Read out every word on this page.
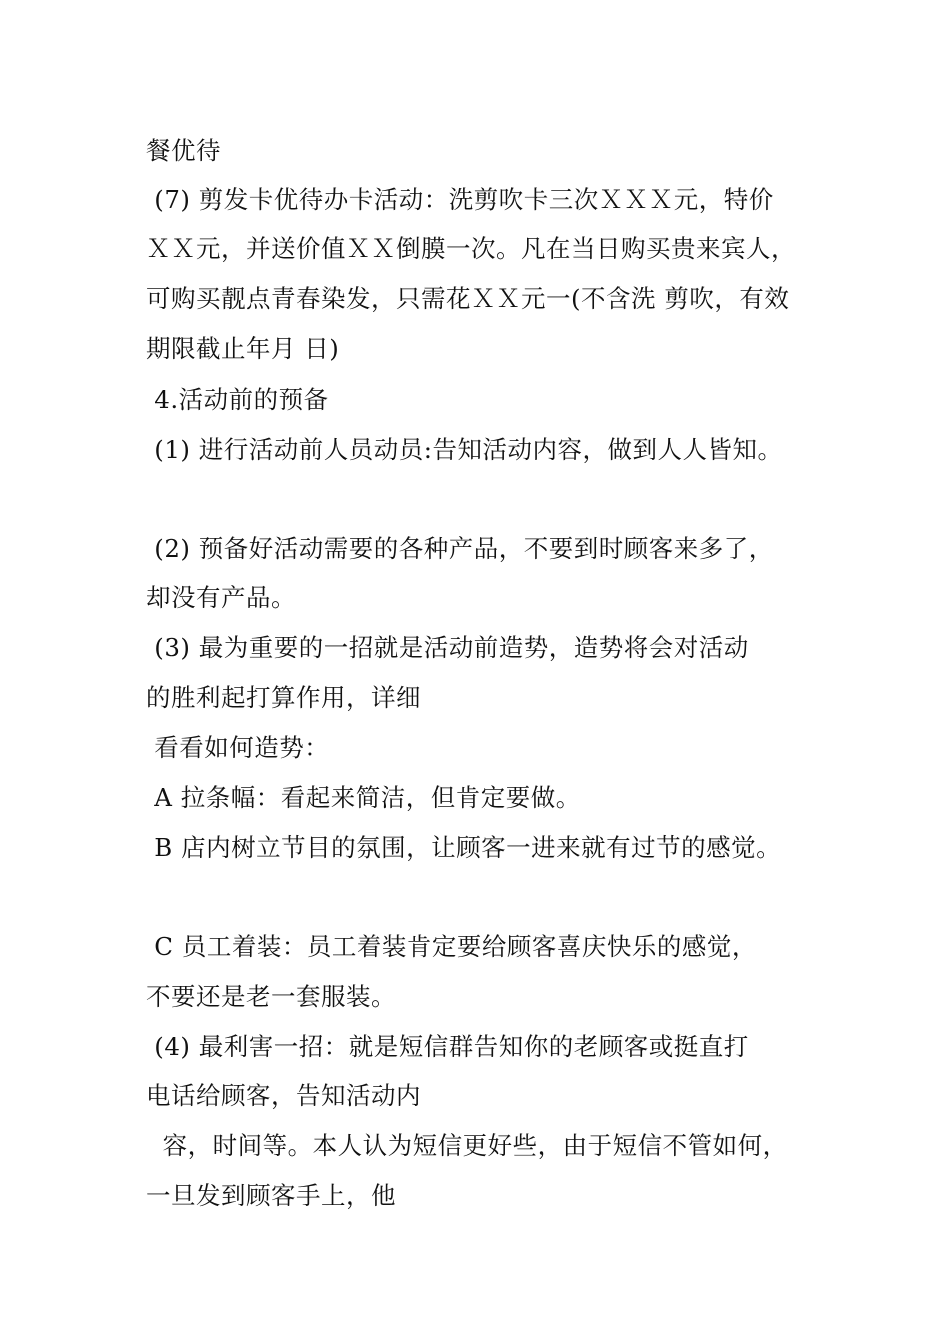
餐优待
(7) 剪发卡优待办卡活动：洗剪吹卡三次ＸＸＸ元，特价
ＸＸ元，并送价值ＸＸ倒膜一次。凡在当日购买贵来宾人，
可购买靓点青春染发，只需花ＸＸ元一(不含洗 剪吹，有效
期限截止年月 日)
4.活动前的预备
(1) 进行活动前人员动员:告知活动内容，做到人人皆知。
(2) 预备好活动需要的各种产品，不要到时顾客来多了，
却没有产品。
(3) 最为重要的一招就是活动前造势，造势将会对活动
的胜利起打算作用，详细
看看如何造势：
A 拉条幅：看起来简洁，但肯定要做。
B 店内树立节目的氛围，让顾客一进来就有过节的感觉。
C 员工着装：员工着装肯定要给顾客喜庆快乐的感觉，
不要还是老一套服装。
(4) 最利害一招：就是短信群告知你的老顾客或挺直打
电话给顾客，告知活动内
容，时间等。本人认为短信更好些，由于短信不管如何，
一旦发到顾客手上，他
